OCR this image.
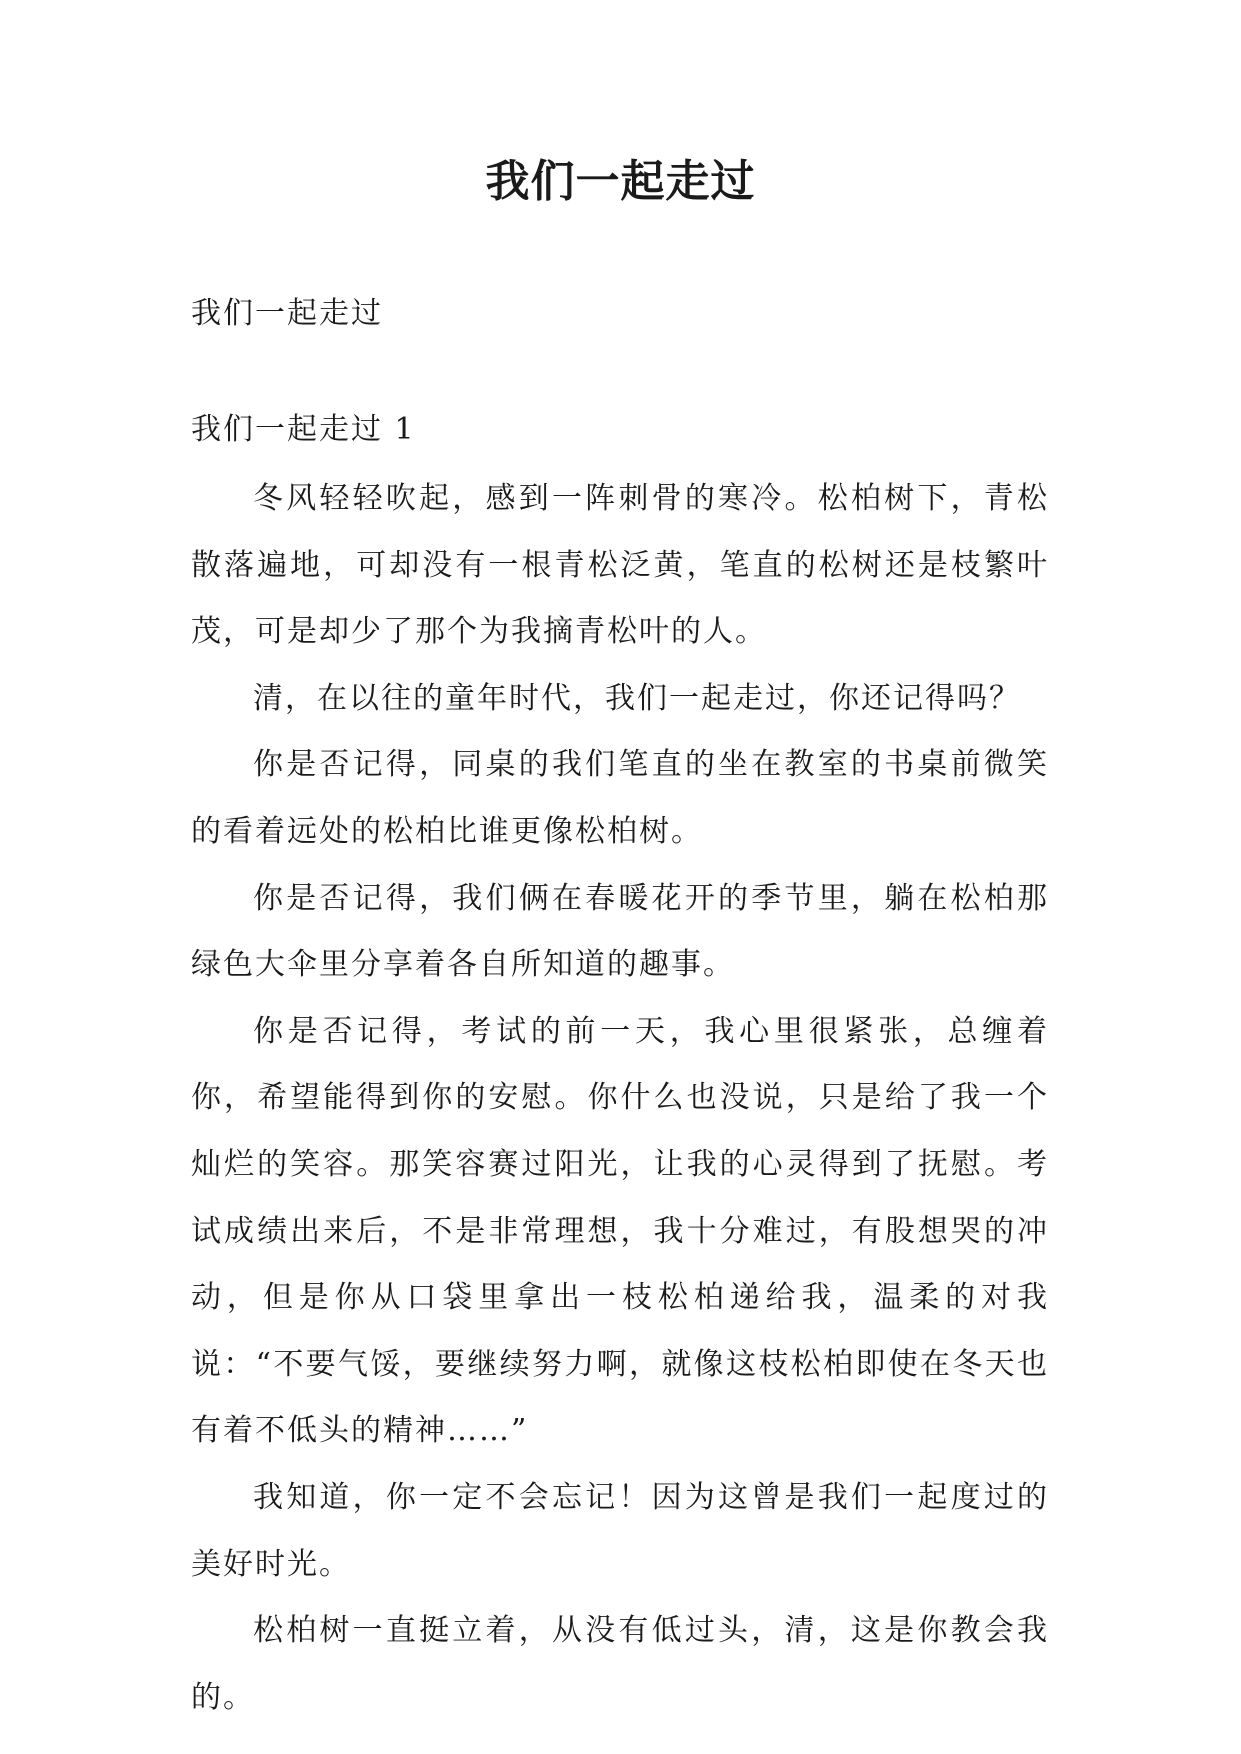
我们一起走过
我们一起走过
我们一起走过 1

冬风轻轻吹起，感到一阵刺骨的寒冷。松柏树下，青松散落遍地，可却没有一根青松泛黄，笔直的松树还是枝繁叶茂，可是却少了那个为我摘青松叶的人。

清，在以往的童年时代，我们一起走过，你还记得吗？

你是否记得，同桌的我们笔直的坐在教室的书桌前微笑的看着远处的松柏比谁更像松柏树。

你是否记得，我们俩在春暖花开的季节里，躺在松柏那绿色大伞里分享着各自所知道的趣事。

你是否记得，考试的前一天，我心里很紧张，总缠着你，希望能得到你的安慰。你什么也没说，只是给了我一个灿烂的笑容。那笑容赛过阳光，让我的心灵得到了抚慰。考试成绩出来后，不是非常理想，我十分难过，有股想哭的冲动，但是你从口袋里拿出一枝松柏递给我，温柔的对我说：“不要气馁，要继续努力啊，就像这枝松柏即使在冬天也有着不低头的精神……”

我知道，你一定不会忘记！因为这曾是我们一起度过的美好时光。

松柏树一直挺立着，从没有低过头，清，这是你教会我的。
